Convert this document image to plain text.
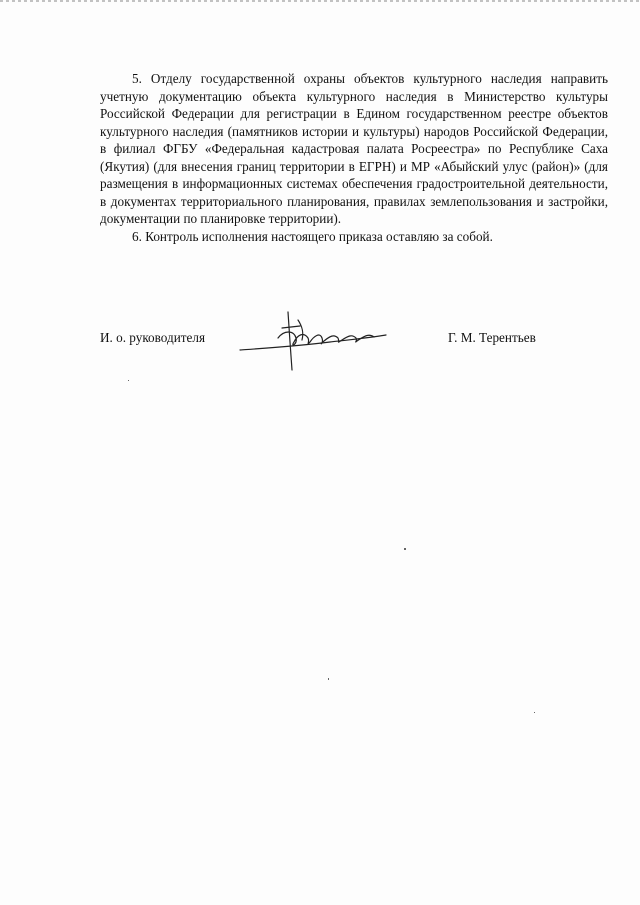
5. Отделу государственной охраны объектов культурного наследия направить учетную документацию объекта культурного наследия в Министерство культуры Российской Федерации для регистрации в Едином государственном реестре объектов культурного наследия (памятников истории и культуры) народов Российской Федерации, в филиал ФГБУ «Федеральная кадастровая палата Росреестра» по Республике Саха (Якутия) (для внесения границ территории в ЕГРН) и МР «Абыйский улус (район)» (для размещения в информационных системах обеспечения градостроительной деятельности, в документах территориального планирования, правилах землепользования и застройки, документации по планировке территории).

6. Контроль исполнения настоящего приказа оставляю за собой.

И. о. руководителя	Г. М. Терентьев
